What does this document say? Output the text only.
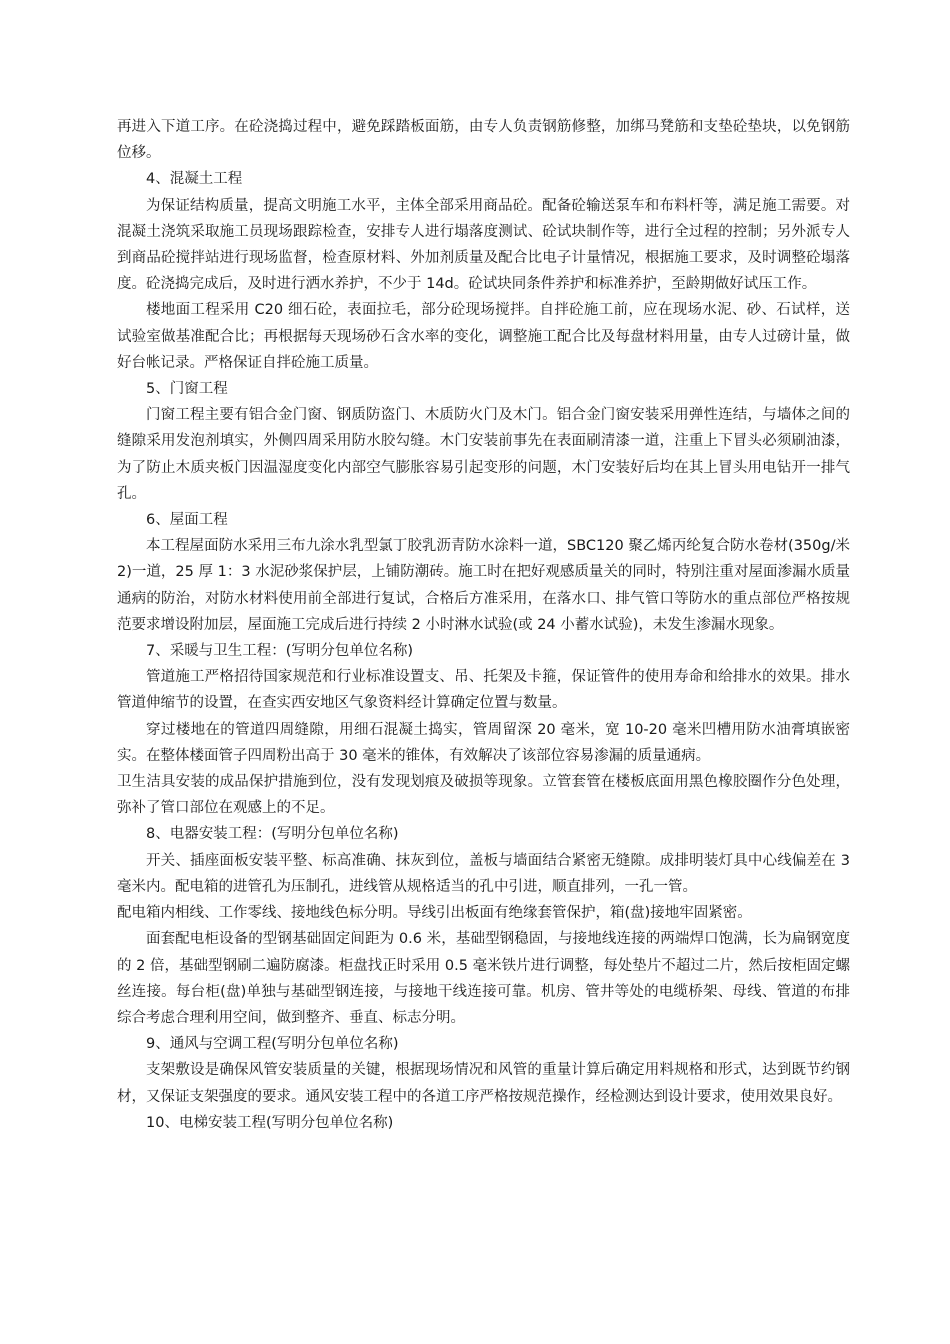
再进入下道工序。在砼浇捣过程中，避免踩踏板面筋，由专人负责钢筋修整，加绑马凳筋和支垫砼垫块，以免钢筋位移。

4、混凝土工程

为保证结构质量，提高文明施工水平，主体全部采用商品砼。配备砼输送泵车和布料杆等，满足施工需要。对混凝土浇筑采取施工员现场跟踪检查，安排专人进行塌落度测试、砼试块制作等，进行全过程的控制；另外派专人到商品砼搅拌站进行现场监督，检查原材料、外加剂质量及配合比电子计量情况，根据施工要求，及时调整砼塌落度。砼浇捣完成后，及时进行洒水养护，不少于 14d。砼试块同条件养护和标准养护，至龄期做好试压工作。

楼地面工程采用 C20 细石砼，表面拉毛，部分砼现场搅拌。自拌砼施工前，应在现场水泥、砂、石试样，送试验室做基准配合比；再根据每天现场砂石含水率的变化，调整施工配合比及每盘材料用量，由专人过磅计量，做好台帐记录。严格保证自拌砼施工质量。

5、门窗工程

门窗工程主要有铝合金门窗、钢质防盗门、木质防火门及木门。铝合金门窗安装采用弹性连结，与墙体之间的缝隙采用发泡剂填实，外侧四周采用防水胶勾缝。木门安装前事先在表面刷清漆一道，注重上下冒头必须刷油漆，为了防止木质夹板门因温湿度变化内部空气膨胀容易引起变形的问题，木门安装好后均在其上冒头用电钻开一排气孔。

6、屋面工程

本工程屋面防水采用三布九涂水乳型氯丁胶乳沥青防水涂料一道，SBC120 聚乙烯丙纶复合防水卷材(350g/米 2)一道，25 厚 1：3 水泥砂浆保护层，上铺防潮砖。施工时在把好观感质量关的同时，特别注重对屋面渗漏水质量通病的防治，对防水材料使用前全部进行复试，合格后方准采用，在落水口、排气管口等防水的重点部位严格按规范要求增设附加层，屋面施工完成后进行持续 2 小时淋水试验(或 24 小蓄水试验)，未发生渗漏水现象。

7、采暖与卫生工程：(写明分包单位名称)

管道施工严格招待国家规范和行业标准设置支、吊、托架及卡箍，保证管件的使用寿命和给排水的效果。排水管道伸缩节的设置，在查实西安地区气象资料经计算确定位置与数量。

穿过楼地在的管道四周缝隙，用细石混凝土捣实，管周留深 20 毫米，宽 10-20 毫米凹槽用防水油膏填嵌密实。在整体楼面管子四周粉出高于 30 毫米的锥体，有效解决了该部位容易渗漏的质量通病。

卫生洁具安装的成品保护措施到位，没有发现划痕及破损等现象。立管套管在楼板底面用黑色橡胶圈作分色处理，弥补了管口部位在观感上的不足。

8、电器安装工程：(写明分包单位名称)

开关、插座面板安装平整、标高准确、抹灰到位，盖板与墙面结合紧密无缝隙。成排明装灯具中心线偏差在 3 毫米内。配电箱的进管孔为压制孔，进线管从规格适当的孔中引进，顺直排列，一孔一管。

配电箱内相线、工作零线、接地线色标分明。导线引出板面有绝缘套管保护，箱(盘)接地牢固紧密。

面套配电柜设备的型钢基础固定间距为 0.6 米，基础型钢稳固，与接地线连接的两端焊口饱满，长为扁钢宽度的 2 倍，基础型钢刷二遍防腐漆。柜盘找正时采用 0.5 毫米铁片进行调整，每处垫片不超过二片，然后按柜固定螺丝连接。每台柜(盘)单独与基础型钢连接，与接地干线连接可靠。机房、管井等处的电缆桥架、母线、管道的布排综合考虑合理利用空间，做到整齐、垂直、标志分明。

9、通风与空调工程(写明分包单位名称)

支架敷设是确保风管安装质量的关键，根据现场情况和风管的重量计算后确定用料规格和形式，达到既节约钢材，又保证支架强度的要求。通风安装工程中的各道工序严格按规范操作，经检测达到设计要求，使用效果良好。

10、电梯安装工程(写明分包单位名称)
